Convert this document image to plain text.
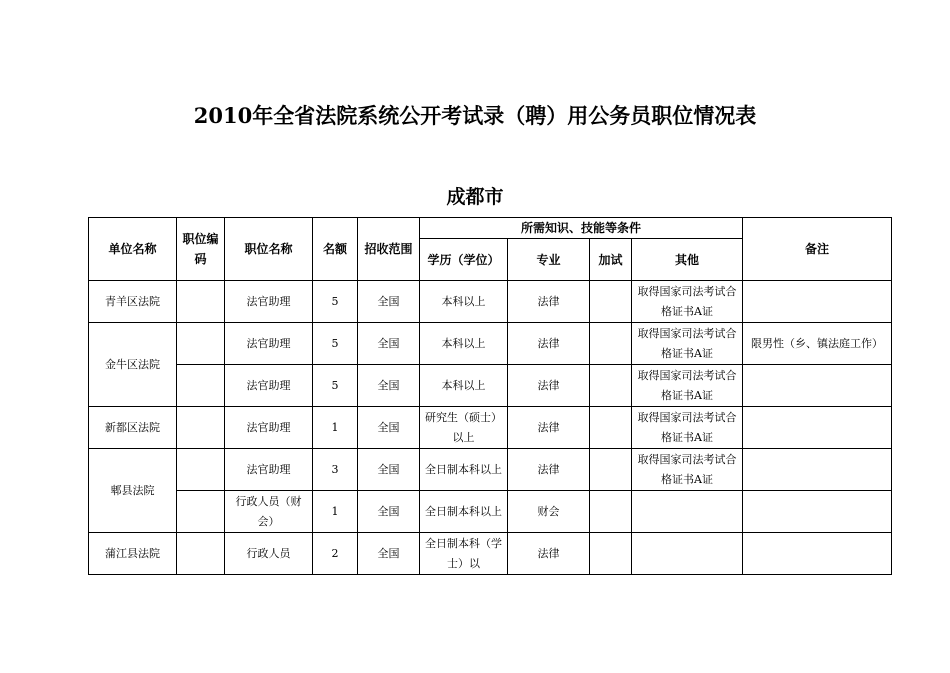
2010年全省法院系统公开考试录（聘）用公务员职位情况表
成都市
单位名称	职位编码	职位名称	名额	招收范围	所需知识、技能等条件				备注
					学历（学位）	专业	加试	其他	
青羊区法院		法官助理	5	全国	本科以上	法律		取得国家司法考试合格证书A证	
金牛区法院		法官助理	5	全国	本科以上	法律		取得国家司法考试合格证书A证	限男性（乡、镇法庭工作）
		法官助理	5	全国	本科以上	法律		取得国家司法考试合格证书A证	
新都区法院		法官助理	1	全国	研究生（硕士）以上	法律		取得国家司法考试合格证书A证	
郫县法院		法官助理	3	全国	全日制本科以上	法律		取得国家司法考试合格证书A证	
		行政人员（财会）	1	全国	全日制本科以上	财会			
蒲江县法院		行政人员	2	全国	全日制本科（学士）以	法律			
